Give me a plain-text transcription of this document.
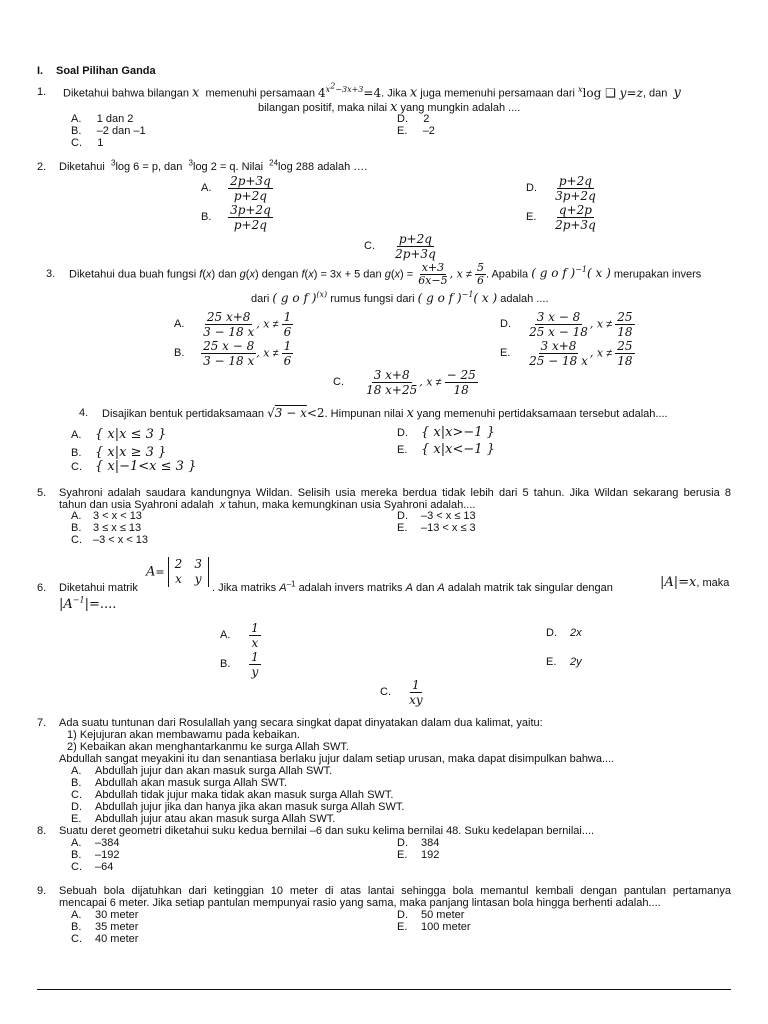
I. Soal Pilihan Ganda
1. Diketahui bahwa bilangan x memenuhi persamaan $4^{x^2-3x+3}=4$. Jika x juga memenuhi persamaan dari $^x$log ❑ y=z, dan y
bilangan positif, maka nilai x yang mungkin adalah ....
A. 1 dan 2
B. –2 dan –1
C. 1
D. 2
E. –2
2. Diketahui $^3$log 6 = p, dan $^3$log 2 = q. Nilai $^{24}$log 288 adalah ….
A. $\frac{2p+3q}{p+2q}$
B. $\frac{3p+2q}{p+2q}$
D. $\frac{p+2q}{3p+2q}$
E. $\frac{q+2p}{2p+3q}$
C. $\frac{p+2q}{2p+3q}$
3. Diketahui dua buah fungsi f(x) dan g(x) dengan f(x) = 3x + 5 dan $g(x) = \frac{x+3}{6x-5}$ , $x \ne \frac{5}{6}$ . Apabila ( g o f )$^{-1}$( x ) merupakan invers
dari ( g o f )$^{(x)}$ rumus fungsi dari ( g o f )$^{-1}$( x ) adalah ....
A. $\frac{25 x+8}{3 - 18 x}$ , $x \ne \frac{1}{6}$
B. $\frac{25 x - 8}{3 - 18 x}$ , $x \ne \frac{1}{6}$
D. $\frac{3 x - 8}{25 x - 18}$ , $x \ne \frac{25}{18}$
E. $\frac{3 x+8}{25 - 18 x}$ , $x \ne \frac{25}{18}$
C. $\frac{3 x+8}{18 x+25}$ , $x \ne \frac{- 25}{18}$
4. Disajikan bentuk pertidaksamaan √3 − x<2. Himpunan nilai x yang memenuhi pertidaksamaan tersebut adalah....
A. { x|x ≤ 3 }
B. { x|x ≥ 3 }
C. { x|−1<x ≤ 3 }
D. { x|x>−1 }
E. { x|x<−1 }
5. Syahroni adalah saudara kandungnya Wildan. Selisih usia mereka berdua tidak lebih dari 5 tahun. Jika Wildan sekarang berusia 8
tahun dan usia Syahroni adalah x tahun, maka kemungkinan usia Syahroni adalah....
A. 3 < x < 13
B. 3 ≤ x ≤ 13
C. –3 < x < 13
D. –3 < x ≤ 13
E. –13 < x ≤ 3
6. Diketahui matrik
A=
2	3
x	y
. Jika matriks $A^{-1}$ adalah invers matriks A dan A adalah matrik tak singular dengan	|A|=x, maka
$|A^{-1}|=$....
A. $\frac{1}{x}$
B. $\frac{1}{y}$
D. 2x
E. 2y
C. $\frac{1}{xy}$
7. Ada suatu tuntunan dari Rosulallah yang secara singkat dapat dinyatakan dalam dua kalimat, yaitu:
1) Kejujuran akan membawamu pada kebaikan.
2) Kebaikan akan menghantarkanmu ke surga Allah SWT.
Abdullah sangat meyakini itu dan senantiasa berlaku jujur dalam setiap urusan, maka dapat disimpulkan bahwa....
A. Abdullah jujur dan akan masuk surga Allah SWT.
B. Abdullah akan masuk surga Allah SWT.
C. Abdullah tidak jujur maka tidak akan masuk surga Allah SWT.
D. Abdullah jujur jika dan hanya jika akan masuk surga Allah SWT.
E. Abdullah jujur atau akan masuk surga Allah SWT.
8. Suatu deret geometri diketahui suku kedua bernilai –6 dan suku kelima bernilai 48. Suku kedelapan bernilai....
A. –384
B. –192
C. –64
D. 384
E. 192
9. Sebuah bola dijatuhkan dari ketinggian 10 meter di atas lantai sehingga bola memantul kembali dengan pantulan pertamanya
mencapai 6 meter. Jika setiap pantulan mempunyai rasio yang sama, maka panjang lintasan bola hingga berhenti adalah....
A. 30 meter
B. 35 meter
C. 40 meter
D. 50 meter
E. 100 meter
